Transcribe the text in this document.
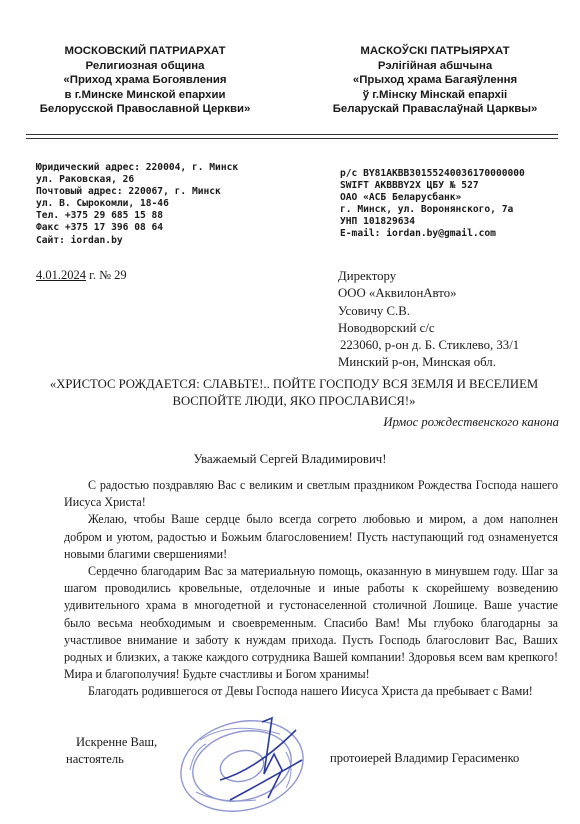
МОСКОВСКИЙ ПАТРИАРХАТ
Религиозная община
«Приход храма Богоявления
в г.Минске Минской епархии
Белорусской Православной Церкви»
МАСКОЎСКІ ПАТРЫЯРХАТ
Рэлігійная абшчына
«Прыход храма Багаяўлення
ў г.Мінску Мінскай епархіі
Беларускай Праваслаўнай Царквы»
Юридический адрес: 220004, г. Минск
ул. Раковская, 26
Почтовый адрес: 220067, г. Минск
ул. В. Сырокомли, 18-46
Тел. +375 29 685 15 88
Факс +375 17 396 08 64
Сайт: iordan.by
р/с BY81AKBB30155240036170000000
SWIFT AKBBBY2X ЦБУ № 527
ОАО «АСБ Беларусбанк»
г. Минск, ул. Воронянского, 7а
УНП 101829634
E-mail: iordan.by@gmail.com
4.01.2024 г. № 29	Директору
ООО «АквилонАвто»
Усовичу С.В.
Новодворский с/с
223060, р-он д. Б. Стиклево, 33/1
Минский р-он, Минская обл.
«ХРИСТОС РОЖДАЕТСЯ: СЛАВЬТЕ!.. ПОЙТЕ ГОСПОДУ ВСЯ ЗЕМЛЯ И ВЕСЕЛИЕМ ВОСПОЙТЕ ЛЮДИ, ЯКО ПРОСЛАВИСЯ!»
Ирмос рождественского канона
Уважаемый Сергей Владимирович!

С радостью поздравляю Вас с великим и светлым праздником Рождества Господа нашего Иисуса Христа!

Желаю, чтобы Ваше сердце было всегда согрето любовью и миром, а дом наполнен добром и уютом, радостью и Божьим благословением! Пусть наступающий год ознаменуется новыми благими свершениями!

Сердечно благодарим Вас за материальную помощь, оказанную в минувшем году. Шаг за шагом проводились кровельные, отделочные и иные работы к скорейшему возведению удивительного храма в многодетной и густонаселенной столичной Лошице. Ваше участие было весьма необходимым и своевременным. Спасибо Вам! Мы глубоко благодарны за участливое внимание и заботу к нуждам прихода. Пусть Господь благословит Вас, Ваших родных и близких, а также каждого сотрудника Вашей компании! Здоровья всем вам крепкого! Мира и благополучия! Будьте счастливы и Богом хранимы!

Благодать родившегося от Девы Господа нашего Иисуса Христа да пребывает с Вами!

Искренне Ваш,
настоятель	протоиерей Владимир Герасименко
